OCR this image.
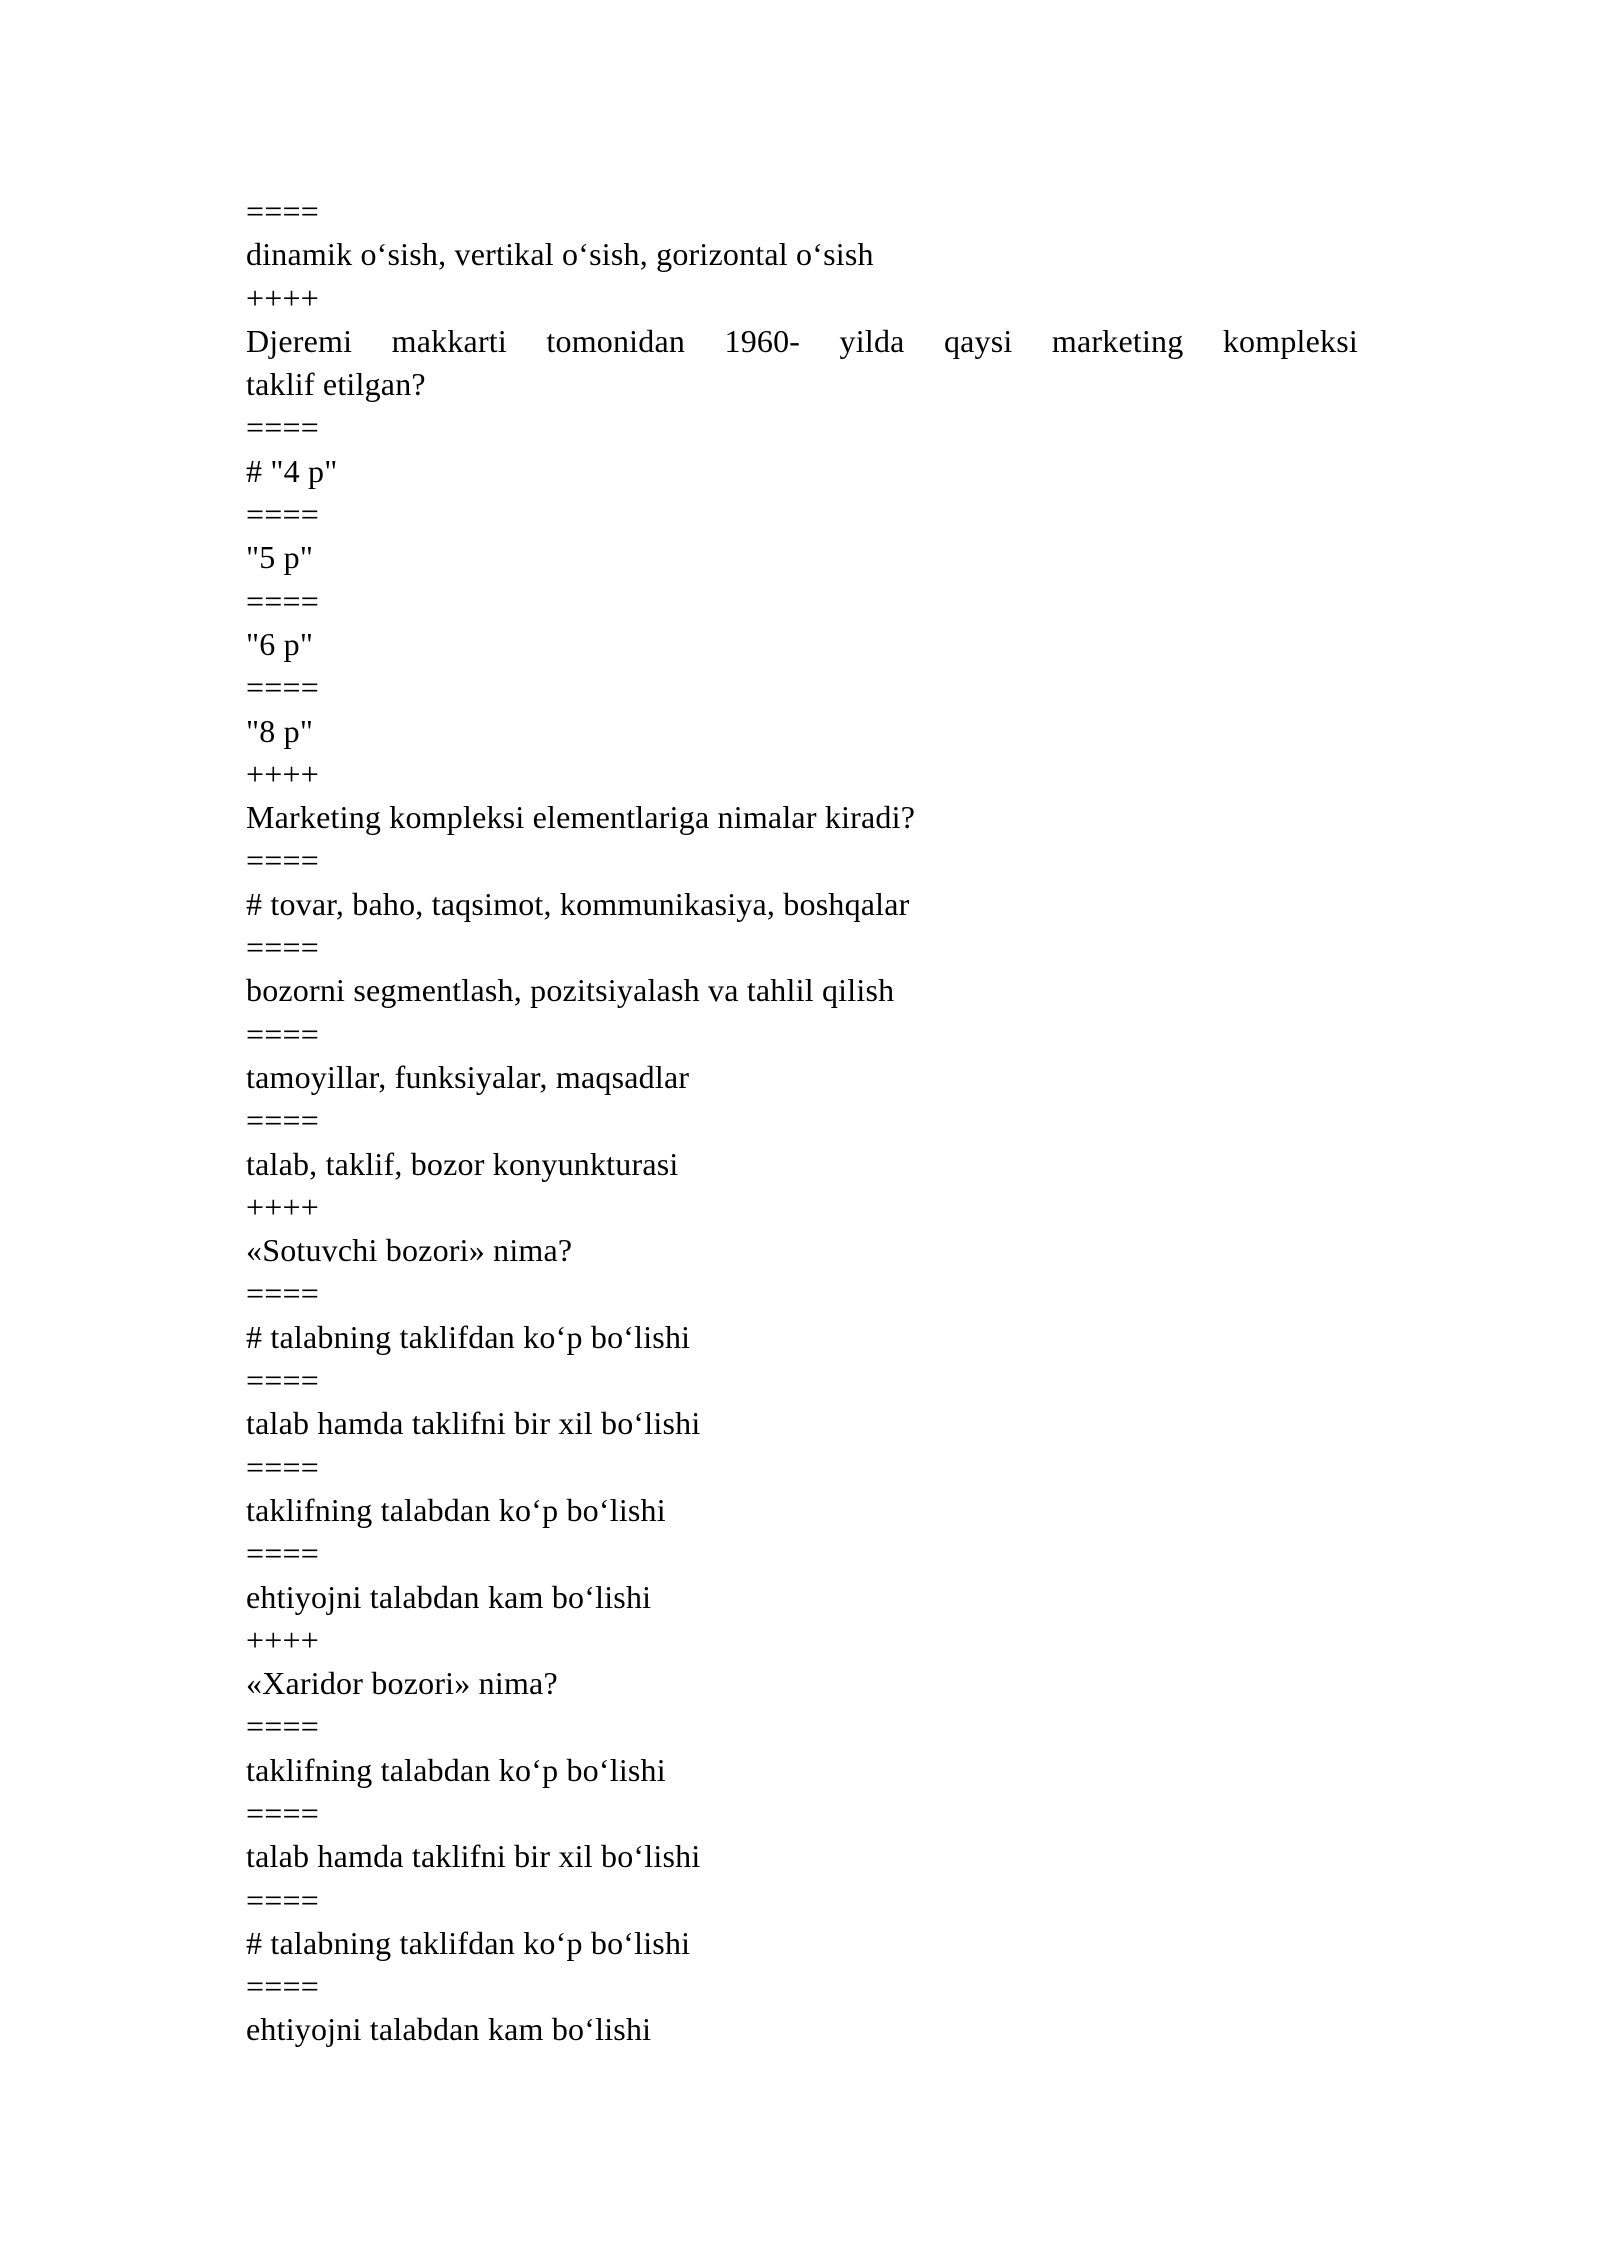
====
dinamik o‘sish, vertikal o‘sish, gorizontal o‘sish
++++
Djeremi makkarti tomonidan 1960- yilda qaysi marketing kompleksi
taklif etilgan?
====
# "4 p"
====
"5 p"
====
"6 p"
====
"8 p"
++++
Marketing kompleksi elementlariga nimalar kiradi?
====
# tovar, baho, taqsimot, kommunikasiya, boshqalar
====
bozorni segmentlash, pozitsiyalash va tahlil qilish
====
tamoyillar, funksiyalar, maqsadlar
====
talab, taklif, bozor konyunkturasi
++++
«Sotuvchi bozori» nima?
====
# talabning taklifdan ko‘p bo‘lishi
====
talab hamda taklifni bir xil bo‘lishi
====
taklifning talabdan ko‘p bo‘lishi
====
ehtiyojni talabdan kam bo‘lishi
++++
«Xaridor bozori» nima?
====
taklifning talabdan ko‘p bo‘lishi
====
talab hamda taklifni bir xil bo‘lishi
====
# talabning taklifdan ko‘p bo‘lishi
====
ehtiyojni talabdan kam bo‘lishi
